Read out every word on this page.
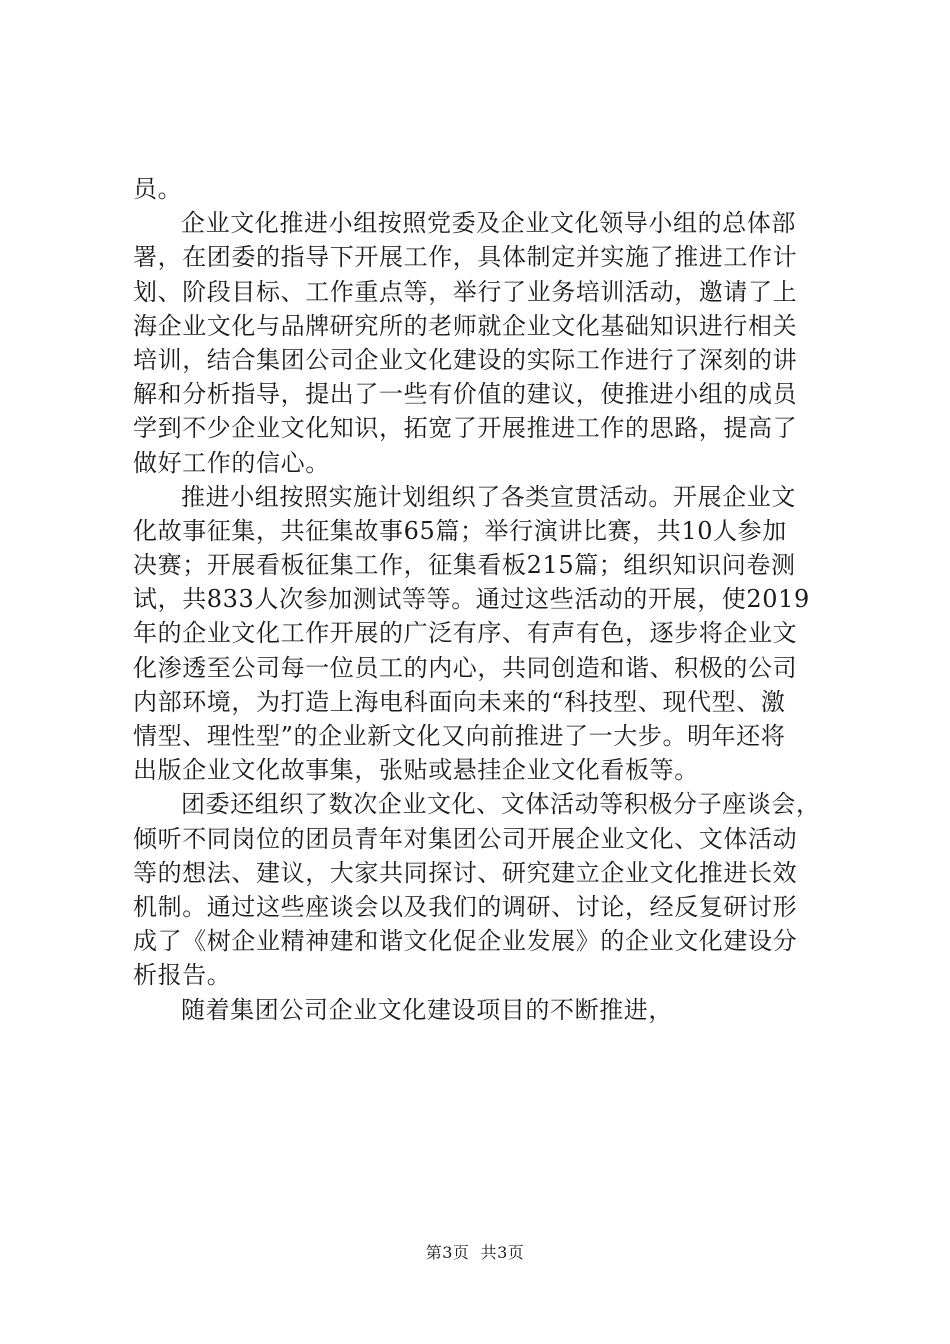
员。
企业文化推进小组按照党委及企业文化领导小组的总体部
署，在团委的指导下开展工作，具体制定并实施了推进工作计
划、阶段目标、工作重点等，举行了业务培训活动，邀请了上
海企业文化与品牌研究所的老师就企业文化基础知识进行相关
培训，结合集团公司企业文化建设的实际工作进行了深刻的讲
解和分析指导，提出了一些有价值的建议，使推进小组的成员
学到不少企业文化知识，拓宽了开展推进工作的思路，提高了
做好工作的信心。
推进小组按照实施计划组织了各类宣贯活动。开展企业文
化故事征集，共征集故事65篇；举行演讲比赛，共10人参加
决赛；开展看板征集工作，征集看板215篇；组织知识问卷测
试，共833人次参加测试等等。通过这些活动的开展，使2019
年的企业文化工作开展的广泛有序、有声有色，逐步将企业文
化渗透至公司每一位员工的内心，共同创造和谐、积极的公司
内部环境，为打造上海电科面向未来的“科技型、现代型、激
情型、理性型”的企业新文化又向前推进了一大步。明年还将
出版企业文化故事集，张贴或悬挂企业文化看板等。
团委还组织了数次企业文化、文体活动等积极分子座谈会，
倾听不同岗位的团员青年对集团公司开展企业文化、文体活动
等的想法、建议，大家共同探讨、研究建立企业文化推进长效
机制。通过这些座谈会以及我们的调研、讨论，经反复研讨形
成了《树企业精神建和谐文化促企业发展》的企业文化建设分
析报告。
随着集团公司企业文化建设项目的不断推进，
第3页  共3页
